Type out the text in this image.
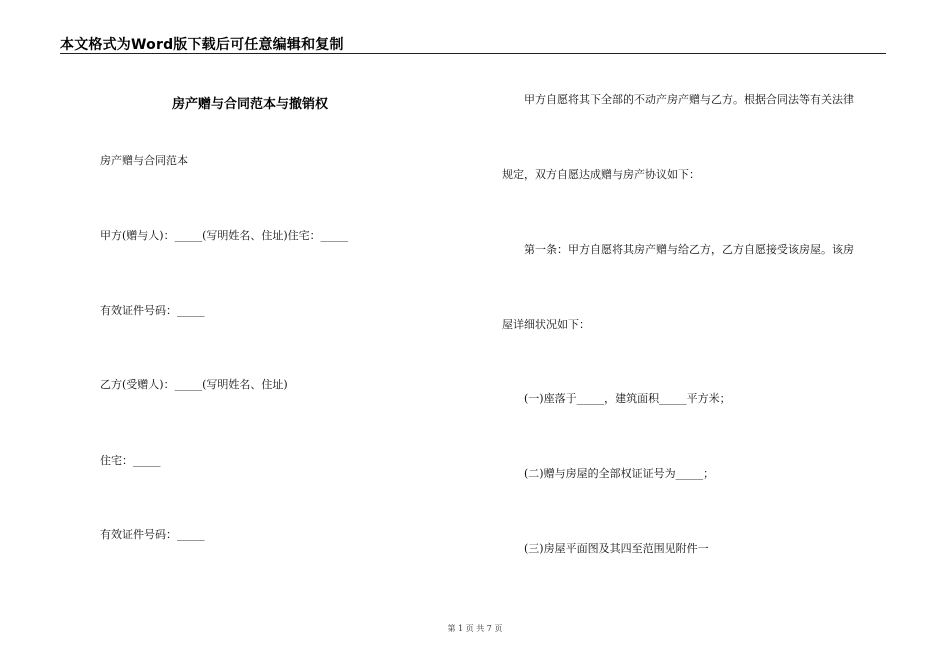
本文格式为Word版下载后可任意编辑和复制
房产赠与合同范本与撤销权
房产赠与合同范本
甲方(赠与人)：_____(写明姓名、住址)住宅：_____
有效证件号码：_____
乙方(受赠人)：_____(写明姓名、住址)
住宅：_____
有效证件号码：_____
甲方自愿将其下全部的不动产房产赠与乙方。根据合同法等有关法律
规定，双方自愿达成赠与房产协议如下：
第一条：甲方自愿将其房产赠与给乙方，乙方自愿接受该房屋。该房
屋详细状况如下：
(一)座落于_____，建筑面积_____平方米；
(二)赠与房屋的全部权证证号为_____；
(三)房屋平面图及其四至范围见附件一
第 1 页 共 7 页
